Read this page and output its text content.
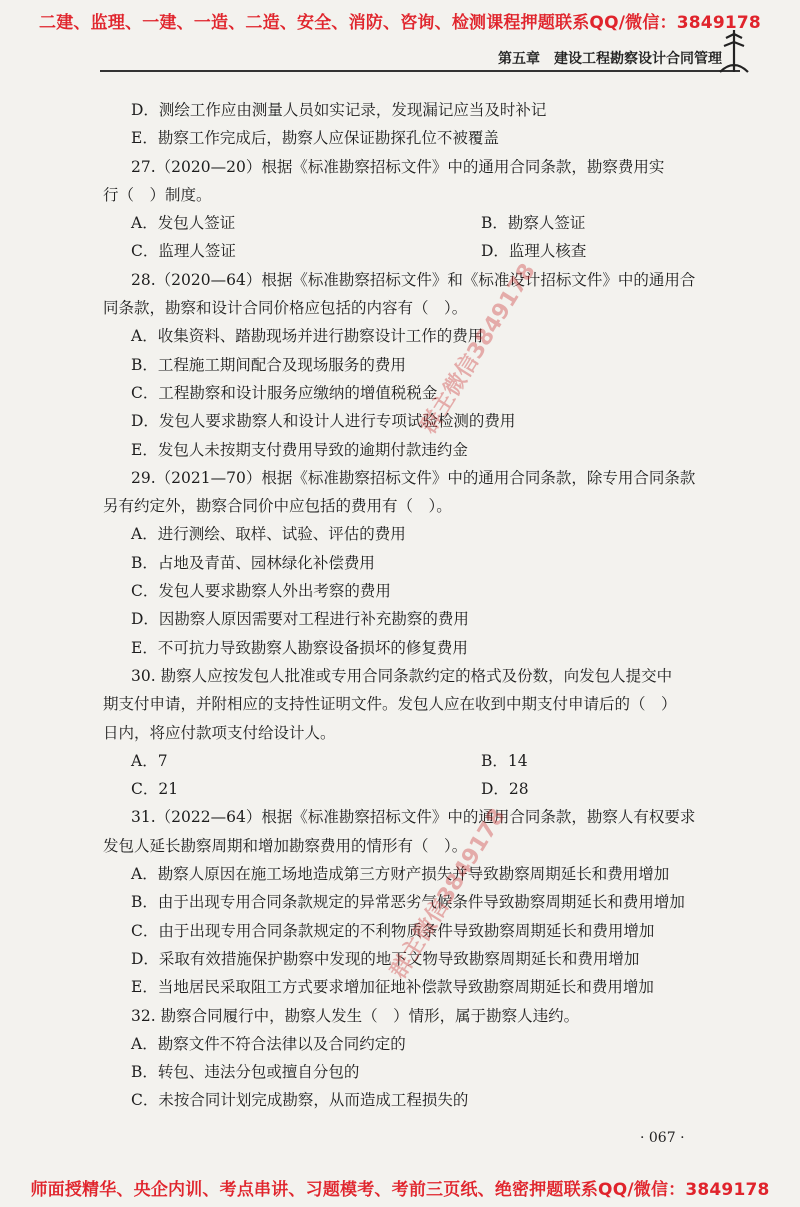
二建、监理、一建、一造、二造、安全、消防、咨询、检测课程押题联系QQ/微信：3849178
第五章　建设工程勘察设计合同管理
D．测绘工作应由测量人员如实记录，发现漏记应当及时补记
E．勘察工作完成后，勘察人应保证勘探孔位不被覆盖
27.（2020—20）根据《标准勘察招标文件》中的通用合同条款，勘察费用实
行（　）制度。
A．发包人签证	B．勘察人签证
C．监理人签证	D．监理人核查
28.（2020—64）根据《标准勘察招标文件》和《标准设计招标文件》中的通用合
同条款，勘察和设计合同价格应包括的内容有（　）。
A．收集资料、踏勘现场并进行勘察设计工作的费用
B．工程施工期间配合及现场服务的费用
C．工程勘察和设计服务应缴纳的增值税税金
D．发包人要求勘察人和设计人进行专项试验检测的费用
E．发包人未按期支付费用导致的逾期付款违约金
29.（2021—70）根据《标准勘察招标文件》中的通用合同条款，除专用合同条款
另有约定外，勘察合同价中应包括的费用有（　）。
A．进行测绘、取样、试验、评估的费用
B．占地及青苗、园林绿化补偿费用
C．发包人要求勘察人外出考察的费用
D．因勘察人原因需要对工程进行补充勘察的费用
E．不可抗力导致勘察人勘察设备损坏的修复费用
30. 勘察人应按发包人批准或专用合同条款约定的格式及份数，向发包人提交中
期支付申请，并附相应的支持性证明文件。发包人应在收到中期支付申请后的（　）
日内，将应付款项支付给设计人。
A．7	B．14
C．21	D．28
31.（2022—64）根据《标准勘察招标文件》中的通用合同条款，勘察人有权要求
发包人延长勘察周期和增加勘察费用的情形有（　）。
A．勘察人原因在施工场地造成第三方财产损失并导致勘察周期延长和费用增加
B．由于出现专用合同条款规定的异常恶劣气候条件导致勘察周期延长和费用增加
C．由于出现专用合同条款规定的不利物质条件导致勘察周期延长和费用增加
D．采取有效措施保护勘察中发现的地下文物导致勘察周期延长和费用增加
E．当地居民采取阻工方式要求增加征地补偿款导致勘察周期延长和费用增加
32. 勘察合同履行中，勘察人发生（　）情形，属于勘察人违约。
A．勘察文件不符合法律以及合同约定的
B．转包、违法分包或擅自分包的
C．未按合同计划完成勘察，从而造成工程损失的
群主微信3849178
群主微信3849178
· 067 ·
师面授精华、央企内训、考点串讲、习题模考、考前三页纸、绝密押题联系QQ/微信：3849178
